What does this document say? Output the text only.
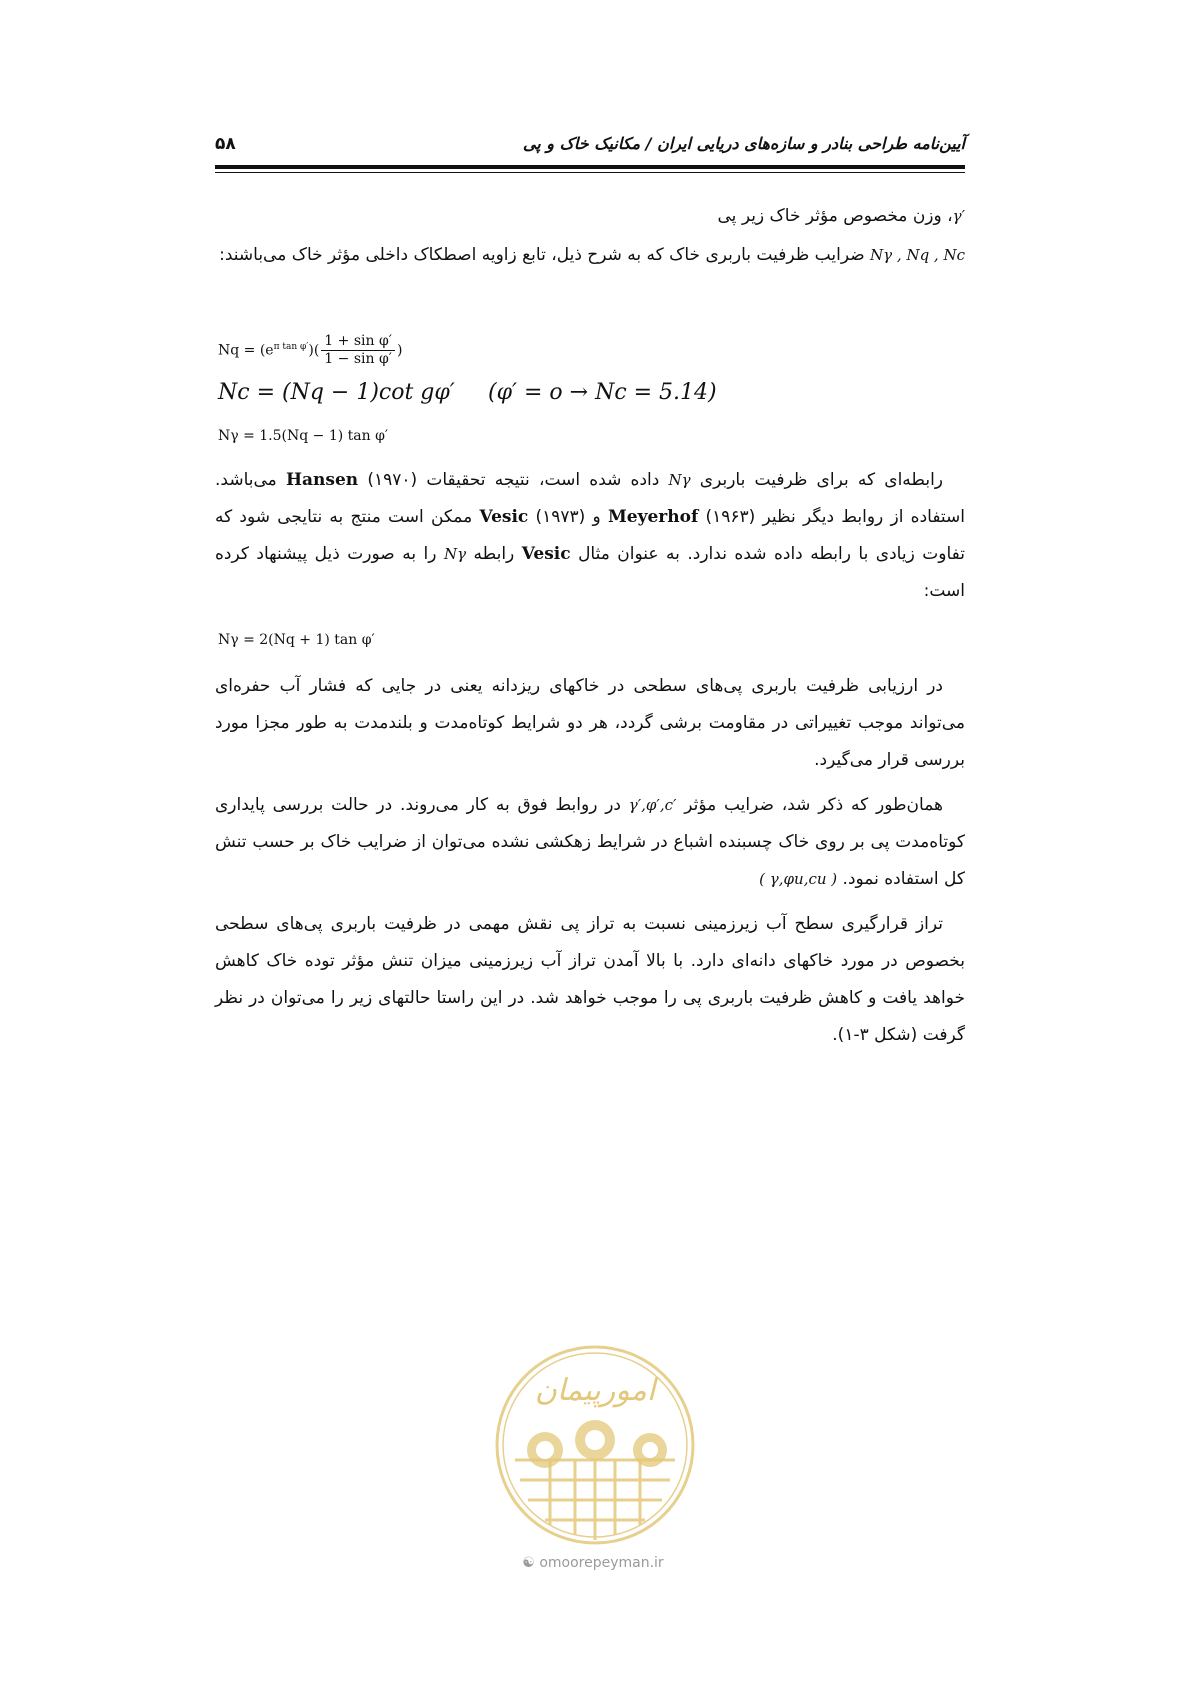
۵۸	آیین‌نامه طراحی بنادر و سازه‌های دریایی ایران / مکانیک خاک و پی

γ′، وزن مخصوص مؤثر خاک زیر پی

Nγ , Nq , Nc ضرایب ظرفیت باربری خاک که به شرح ذیل، تابع زاویه اصطکاک داخلی مؤثر خاک می‌باشند:

$Nq = (e^{\pi tan \varphi'})( \frac{\text{1 + sin φ′}}{\text{1 − sin φ′}}$ )
Nc = (Nq − 1)cot gφ′ (φ′ = o → Nc = 5.14)
Nγ = 1.5(Nq − 1) tan φ′

رابطه‌ای که برای ظرفیت باربری Nγ داده شده است، نتیجه تحقیقات Hansen (۱۹۷۰) می‌باشد. استفاده از روابط دیگر نظیر Meyerhof (۱۹۶۳) و Vesic (۱۹۷۳) ممکن است منتج به نتایجی شود که تفاوت زیادی با رابطه داده شده ندارد. به عنوان مثال Vesic رابطه Nγ را به صورت ذیل پیشنهاد کرده است:

Nγ = 2(Nq + 1) tan φ′

در ارزیابی ظرفیت باربری پی‌های سطحی در خاکهای ریزدانه یعنی در جایی که فشار آب حفره‌ای می‌تواند موجب تغییراتی در مقاومت برشی گردد، هر دو شرایط کوتاه‌مدت و بلندمدت به طور مجزا مورد بررسی قرار می‌گیرد.

همان‌طور که ذکر شد، ضرایب مؤثر γ′,φ′,c′ در روابط فوق به کار می‌روند. در حالت بررسی پایداری کوتاه‌مدت پی بر روی خاک چسبنده اشباع در شرایط زهکشی نشده می‌توان از ضرایب خاک بر حسب تنش کل استفاده نمود. ( γ,φu,cu )

تراز قرارگیری سطح آب زیرزمینی نسبت به تراز پی نقش مهمی در ظرفیت باربری پی‌های سطحی بخصوص در مورد خاکهای دانه‌ای دارد. با بالا آمدن تراز آب زیرزمینی میزان تنش مؤثر توده خاک کاهش خواهد یافت و کاهش ظرفیت باربری پی را موجب خواهد شد. در این راستا حالتهای زیر را می‌توان در نظر گرفت (شکل ۳-۱).

امورپیمان
☯ omoorepeyman.ir
